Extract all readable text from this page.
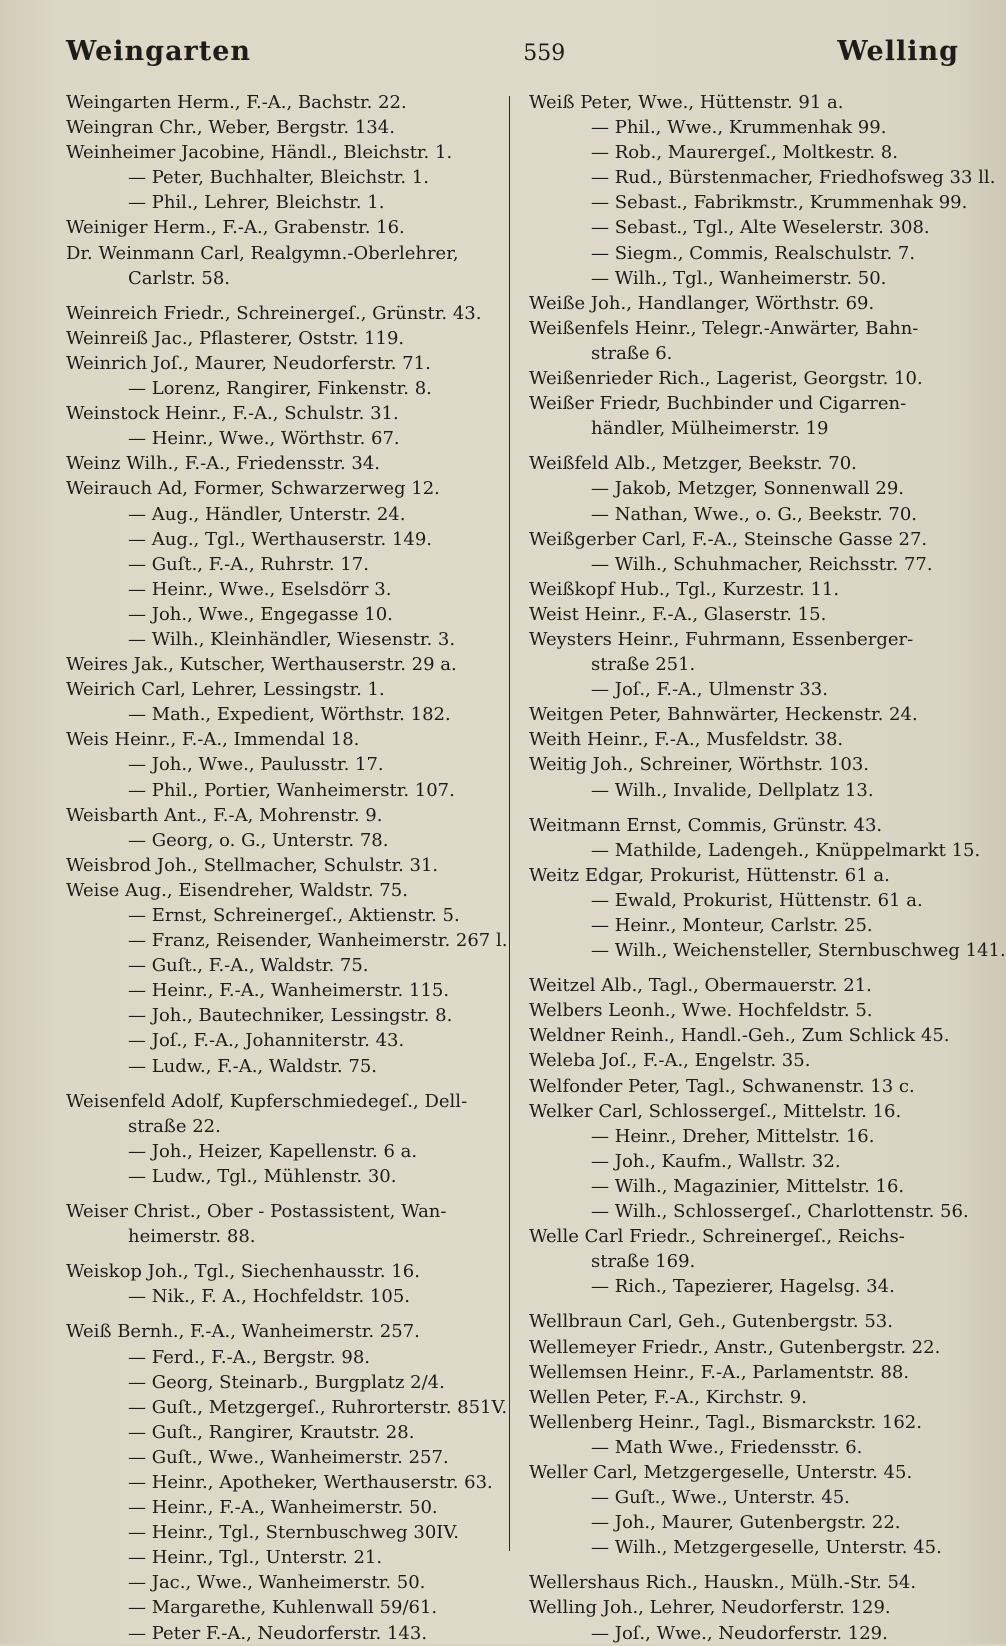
Weingarten	559	Welling
Weingarten Herm., F.-A., Bachstr. 22.
Weingran Chr., Weber, Bergstr. 134.
Weinheimer Jacobine, Händl., Bleichstr. 1.
— Peter, Buchhalter, Bleichstr. 1.
— Phil., Lehrer, Bleichstr. 1.
Weiniger Herm., F.-A., Grabenstr. 16.
Dr. Weinmann Carl, Realgymn.-Oberlehrer,
Carlstr. 58.
Weinreich Friedr., Schreinergeſ., Grünstr. 43.
Weinreiß Jac., Pflasterer, Oststr. 119.
Weinrich Joſ., Maurer, Neudorferstr. 71.
— Lorenz, Rangirer, Finkenstr. 8.
Weinstock Heinr., F.-A., Schulstr. 31.
— Heinr., Wwe., Wörthstr. 67.
Weinz Wilh., F.-A., Friedensstr. 34.
Weirauch Ad, Former, Schwarzerweg 12.
— Aug., Händler, Unterstr. 24.
— Aug., Tgl., Werthauserstr. 149.
— Guſt., F.-A., Ruhrstr. 17.
— Heinr., Wwe., Eselsdörr 3.
— Joh., Wwe., Engegasse 10.
— Wilh., Kleinhändler, Wiesenstr. 3.
Weires Jak., Kutscher, Werthauserstr. 29 a.
Weirich Carl, Lehrer, Lessingstr. 1.
— Math., Expedient, Wörthstr. 182.
Weis Heinr., F.-A., Immendal 18.
— Joh., Wwe., Paulusstr. 17.
— Phil., Portier, Wanheimerstr. 107.
Weisbarth Ant., F.-A, Mohrenstr. 9.
— Georg, o. G., Unterstr. 78.
Weisbrod Joh., Stellmacher, Schulstr. 31.
Weise Aug., Eisendreher, Waldstr. 75.
— Ernst, Schreinergeſ., Aktienstr. 5.
— Franz, Reisender, Wanheimerstr. 267 l.
— Guſt., F.-A., Waldstr. 75.
— Heinr., F.-A., Wanheimerstr. 115.
— Joh., Bautechniker, Lessingstr. 8.
— Joſ., F.-A., Johanniterstr. 43.
— Ludw., F.-A., Waldstr. 75.
Weisenfeld Adolf, Kupferschmiedegeſ., Dell-
straße 22.
— Joh., Heizer, Kapellenstr. 6 a.
— Ludw., Tgl., Mühlenstr. 30.
Weiser Christ., Ober - Postassistent, Wan-
heimerstr. 88.
Weiskop Joh., Tgl., Siechenhausstr. 16.
— Nik., F. A., Hochfeldstr. 105.
Weiß Bernh., F.-A., Wanheimerstr. 257.
— Ferd., F.-A., Bergstr. 98.
— Georg, Steinarb., Burgplatz 2/4.
— Guſt., Metzgergeſ., Ruhrorterstr. 851V.
— Guſt., Rangirer, Krautstr. 28.
— Guſt., Wwe., Wanheimerstr. 257.
— Heinr., Apotheker, Werthauserstr. 63.
— Heinr., F.-A., Wanheimerstr. 50.
— Heinr., Tgl., Sternbuschweg 30IV.
— Heinr., Tgl., Unterstr. 21.
— Jac., Wwe., Wanheimerstr. 50.
— Margarethe, Kuhlenwall 59/61.
— Peter F.-A., Neudorferstr. 143.
Weiß Peter, Wwe., Hüttenstr. 91 a.
— Phil., Wwe., Krummenhak 99.
— Rob., Maurergeſ., Moltkestr. 8.
— Rud., Bürstenmacher, Friedhofsweg 33 ll.
— Sebast., Fabrikmstr., Krummenhak 99.
— Sebast., Tgl., Alte Weselerstr. 308.
— Siegm., Commis, Realschulstr. 7.
— Wilh., Tgl., Wanheimerstr. 50.
Weiße Joh., Handlanger, Wörthstr. 69.
Weißenfels Heinr., Telegr.-Anwärter, Bahn-
straße 6.
Weißenrieder Rich., Lagerist, Georgstr. 10.
Weißer Friedr, Buchbinder und Cigarren-
händler, Mülheimerstr. 19
Weißfeld Alb., Metzger, Beekstr. 70.
— Jakob, Metzger, Sonnenwall 29.
— Nathan, Wwe., o. G., Beekstr. 70.
Weißgerber Carl, F.-A., Steinsche Gasse 27.
— Wilh., Schuhmacher, Reichsstr. 77.
Weißkopf Hub., Tgl., Kurzestr. 11.
Weist Heinr., F.-A., Glaserstr. 15.
Weysters Heinr., Fuhrmann, Essenberger-
straße 251.
— Joſ., F.-A., Ulmenstr 33.
Weitgen Peter, Bahnwärter, Heckenstr. 24.
Weith Heinr., F.-A., Musfeldstr. 38.
Weitig Joh., Schreiner, Wörthstr. 103.
— Wilh., Invalide, Dellplatz 13.
Weitmann Ernst, Commis, Grünstr. 43.
— Mathilde, Ladengeh., Knüppelmarkt 15.
Weitz Edgar, Prokurist, Hüttenstr. 61 a.
— Ewald, Prokurist, Hüttenstr. 61 a.
— Heinr., Monteur, Carlstr. 25.
— Wilh., Weichensteller, Sternbuschweg 141.
Weitzel Alb., Tagl., Obermauerstr. 21.
Welbers Leonh., Wwe. Hochfeldstr. 5.
Weldner Reinh., Handl.-Geh., Zum Schlick 45.
Weleba Joſ., F.-A., Engelstr. 35.
Welfonder Peter, Tagl., Schwanenstr. 13 c.
Welker Carl, Schlossergeſ., Mittelstr. 16.
— Heinr., Dreher, Mittelstr. 16.
— Joh., Kaufm., Wallstr. 32.
— Wilh., Magazinier, Mittelstr. 16.
— Wilh., Schlossergeſ., Charlottenstr. 56.
Welle Carl Friedr., Schreinergeſ., Reichs-
straße 169.
— Rich., Tapezierer, Hagelsg. 34.
Wellbraun Carl, Geh., Gutenbergstr. 53.
Wellemeyer Friedr., Anstr., Gutenbergstr. 22.
Wellemsen Heinr., F.-A., Parlamentstr. 88.
Wellen Peter, F.-A., Kirchstr. 9.
Wellenberg Heinr., Tagl., Bismarckstr. 162.
— Math Wwe., Friedensstr. 6.
Weller Carl, Metzgergeselle, Unterstr. 45.
— Guſt., Wwe., Unterstr. 45.
— Joh., Maurer, Gutenbergstr. 22.
— Wilh., Metzgergeselle, Unterstr. 45.
Wellershaus Rich., Hauskn., Mülh.-Str. 54.
Welling Joh., Lehrer, Neudorferstr. 129.
— Joſ., Wwe., Neudorferstr. 129.
